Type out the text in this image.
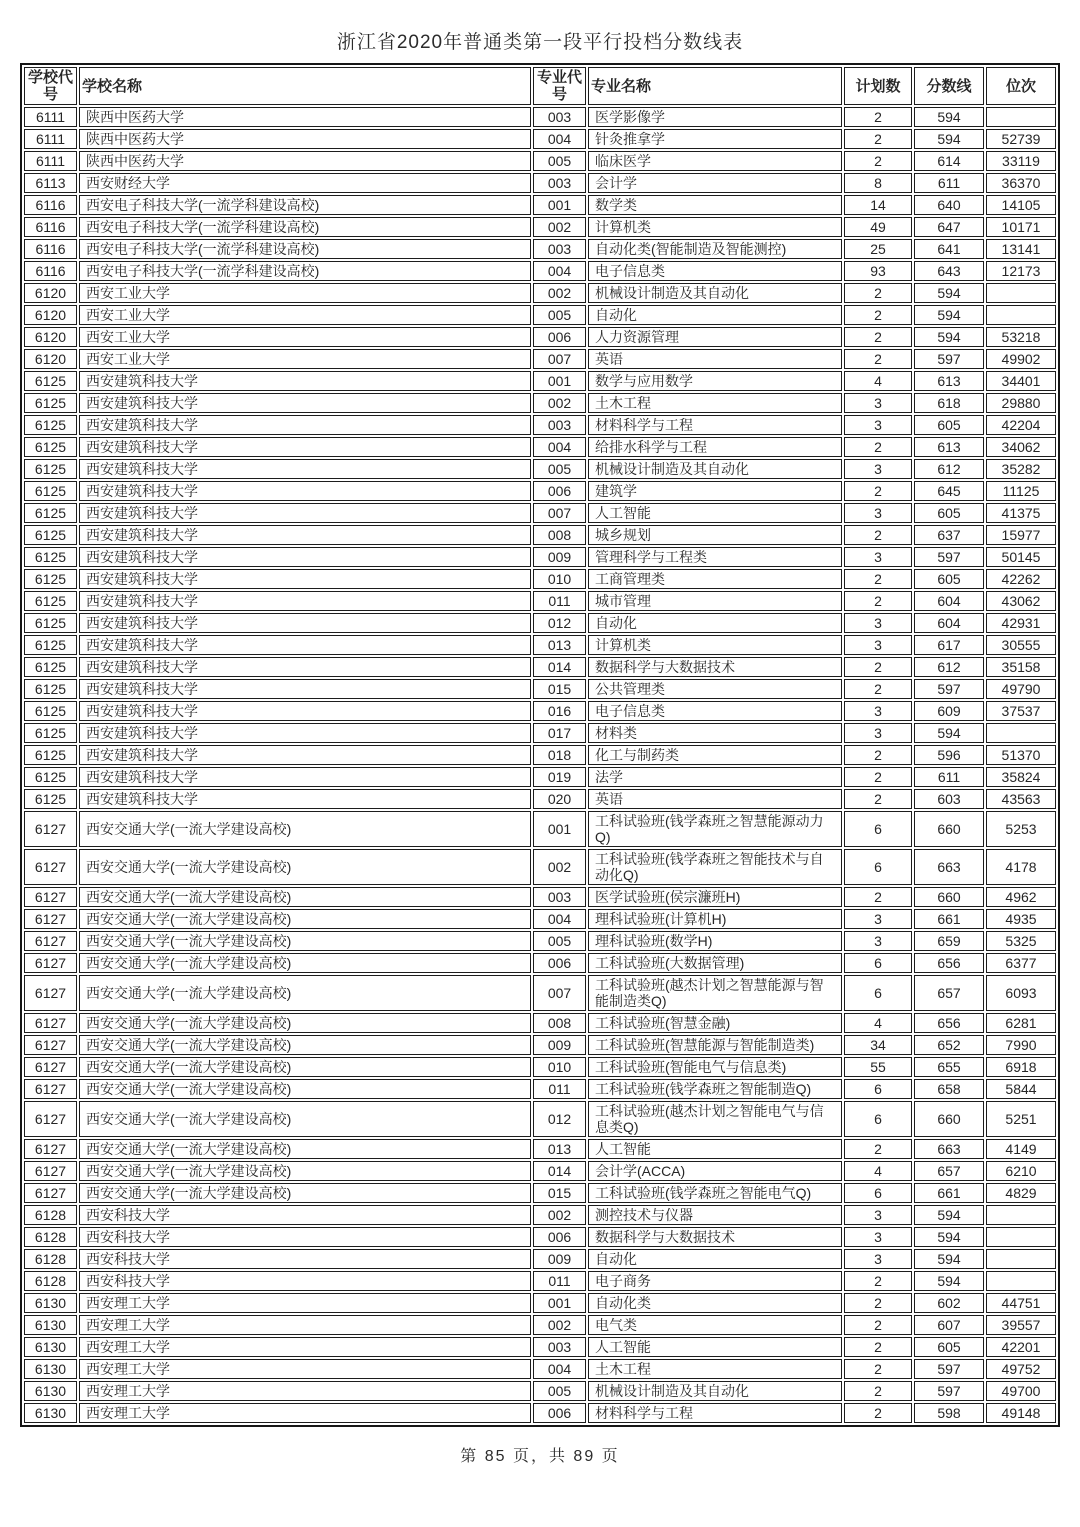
浙江省2020年普通类第一段平行投档分数线表
学校代号	学校名称	专业代号	专业名称	计划数	分数线	位次
6111	陕西中医药大学	003	医学影像学	2	594	
6111	陕西中医药大学	004	针灸推拿学	2	594	52739
6111	陕西中医药大学	005	临床医学	2	614	33119
6113	西安财经大学	003	会计学	8	611	36370
6116	西安电子科技大学(一流学科建设高校)	001	数学类	14	640	14105
6116	西安电子科技大学(一流学科建设高校)	002	计算机类	49	647	10171
6116	西安电子科技大学(一流学科建设高校)	003	自动化类(智能制造及智能测控)	25	641	13141
6116	西安电子科技大学(一流学科建设高校)	004	电子信息类	93	643	12173
6120	西安工业大学	002	机械设计制造及其自动化	2	594	
6120	西安工业大学	005	自动化	2	594	
6120	西安工业大学	006	人力资源管理	2	594	53218
6120	西安工业大学	007	英语	2	597	49902
6125	西安建筑科技大学	001	数学与应用数学	4	613	34401
6125	西安建筑科技大学	002	土木工程	3	618	29880
6125	西安建筑科技大学	003	材料科学与工程	3	605	42204
6125	西安建筑科技大学	004	给排水科学与工程	2	613	34062
6125	西安建筑科技大学	005	机械设计制造及其自动化	3	612	35282
6125	西安建筑科技大学	006	建筑学	2	645	11125
6125	西安建筑科技大学	007	人工智能	3	605	41375
6125	西安建筑科技大学	008	城乡规划	2	637	15977
6125	西安建筑科技大学	009	管理科学与工程类	3	597	50145
6125	西安建筑科技大学	010	工商管理类	2	605	42262
6125	西安建筑科技大学	011	城市管理	2	604	43062
6125	西安建筑科技大学	012	自动化	3	604	42931
6125	西安建筑科技大学	013	计算机类	3	617	30555
6125	西安建筑科技大学	014	数据科学与大数据技术	2	612	35158
6125	西安建筑科技大学	015	公共管理类	2	597	49790
6125	西安建筑科技大学	016	电子信息类	3	609	37537
6125	西安建筑科技大学	017	材料类	3	594	
6125	西安建筑科技大学	018	化工与制药类	2	596	51370
6125	西安建筑科技大学	019	法学	2	611	35824
6125	西安建筑科技大学	020	英语	2	603	43563
6127	西安交通大学(一流大学建设高校)	001	工科试验班(钱学森班之智慧能源动力Q)	6	660	5253
6127	西安交通大学(一流大学建设高校)	002	工科试验班(钱学森班之智能技术与自动化Q)	6	663	4178
6127	西安交通大学(一流大学建设高校)	003	医学试验班(侯宗濂班H)	2	660	4962
6127	西安交通大学(一流大学建设高校)	004	理科试验班(计算机H)	3	661	4935
6127	西安交通大学(一流大学建设高校)	005	理科试验班(数学H)	3	659	5325
6127	西安交通大学(一流大学建设高校)	006	工科试验班(大数据管理)	6	656	6377
6127	西安交通大学(一流大学建设高校)	007	工科试验班(越杰计划之智慧能源与智能制造类Q)	6	657	6093
6127	西安交通大学(一流大学建设高校)	008	工科试验班(智慧金融)	4	656	6281
6127	西安交通大学(一流大学建设高校)	009	工科试验班(智慧能源与智能制造类)	34	652	7990
6127	西安交通大学(一流大学建设高校)	010	工科试验班(智能电气与信息类)	55	655	6918
6127	西安交通大学(一流大学建设高校)	011	工科试验班(钱学森班之智能制造Q)	6	658	5844
6127	西安交通大学(一流大学建设高校)	012	工科试验班(越杰计划之智能电气与信息类Q)	6	660	5251
6127	西安交通大学(一流大学建设高校)	013	人工智能	2	663	4149
6127	西安交通大学(一流大学建设高校)	014	会计学(ACCA)	4	657	6210
6127	西安交通大学(一流大学建设高校)	015	工科试验班(钱学森班之智能电气Q)	6	661	4829
6128	西安科技大学	002	测控技术与仪器	3	594	
6128	西安科技大学	006	数据科学与大数据技术	3	594	
6128	西安科技大学	009	自动化	3	594	
6128	西安科技大学	011	电子商务	2	594	
6130	西安理工大学	001	自动化类	2	602	44751
6130	西安理工大学	002	电气类	2	607	39557
6130	西安理工大学	003	人工智能	2	605	42201
6130	西安理工大学	004	土木工程	2	597	49752
6130	西安理工大学	005	机械设计制造及其自动化	2	597	49700
6130	西安理工大学	006	材料科学与工程	2	598	49148
第 85 页，共 89 页
